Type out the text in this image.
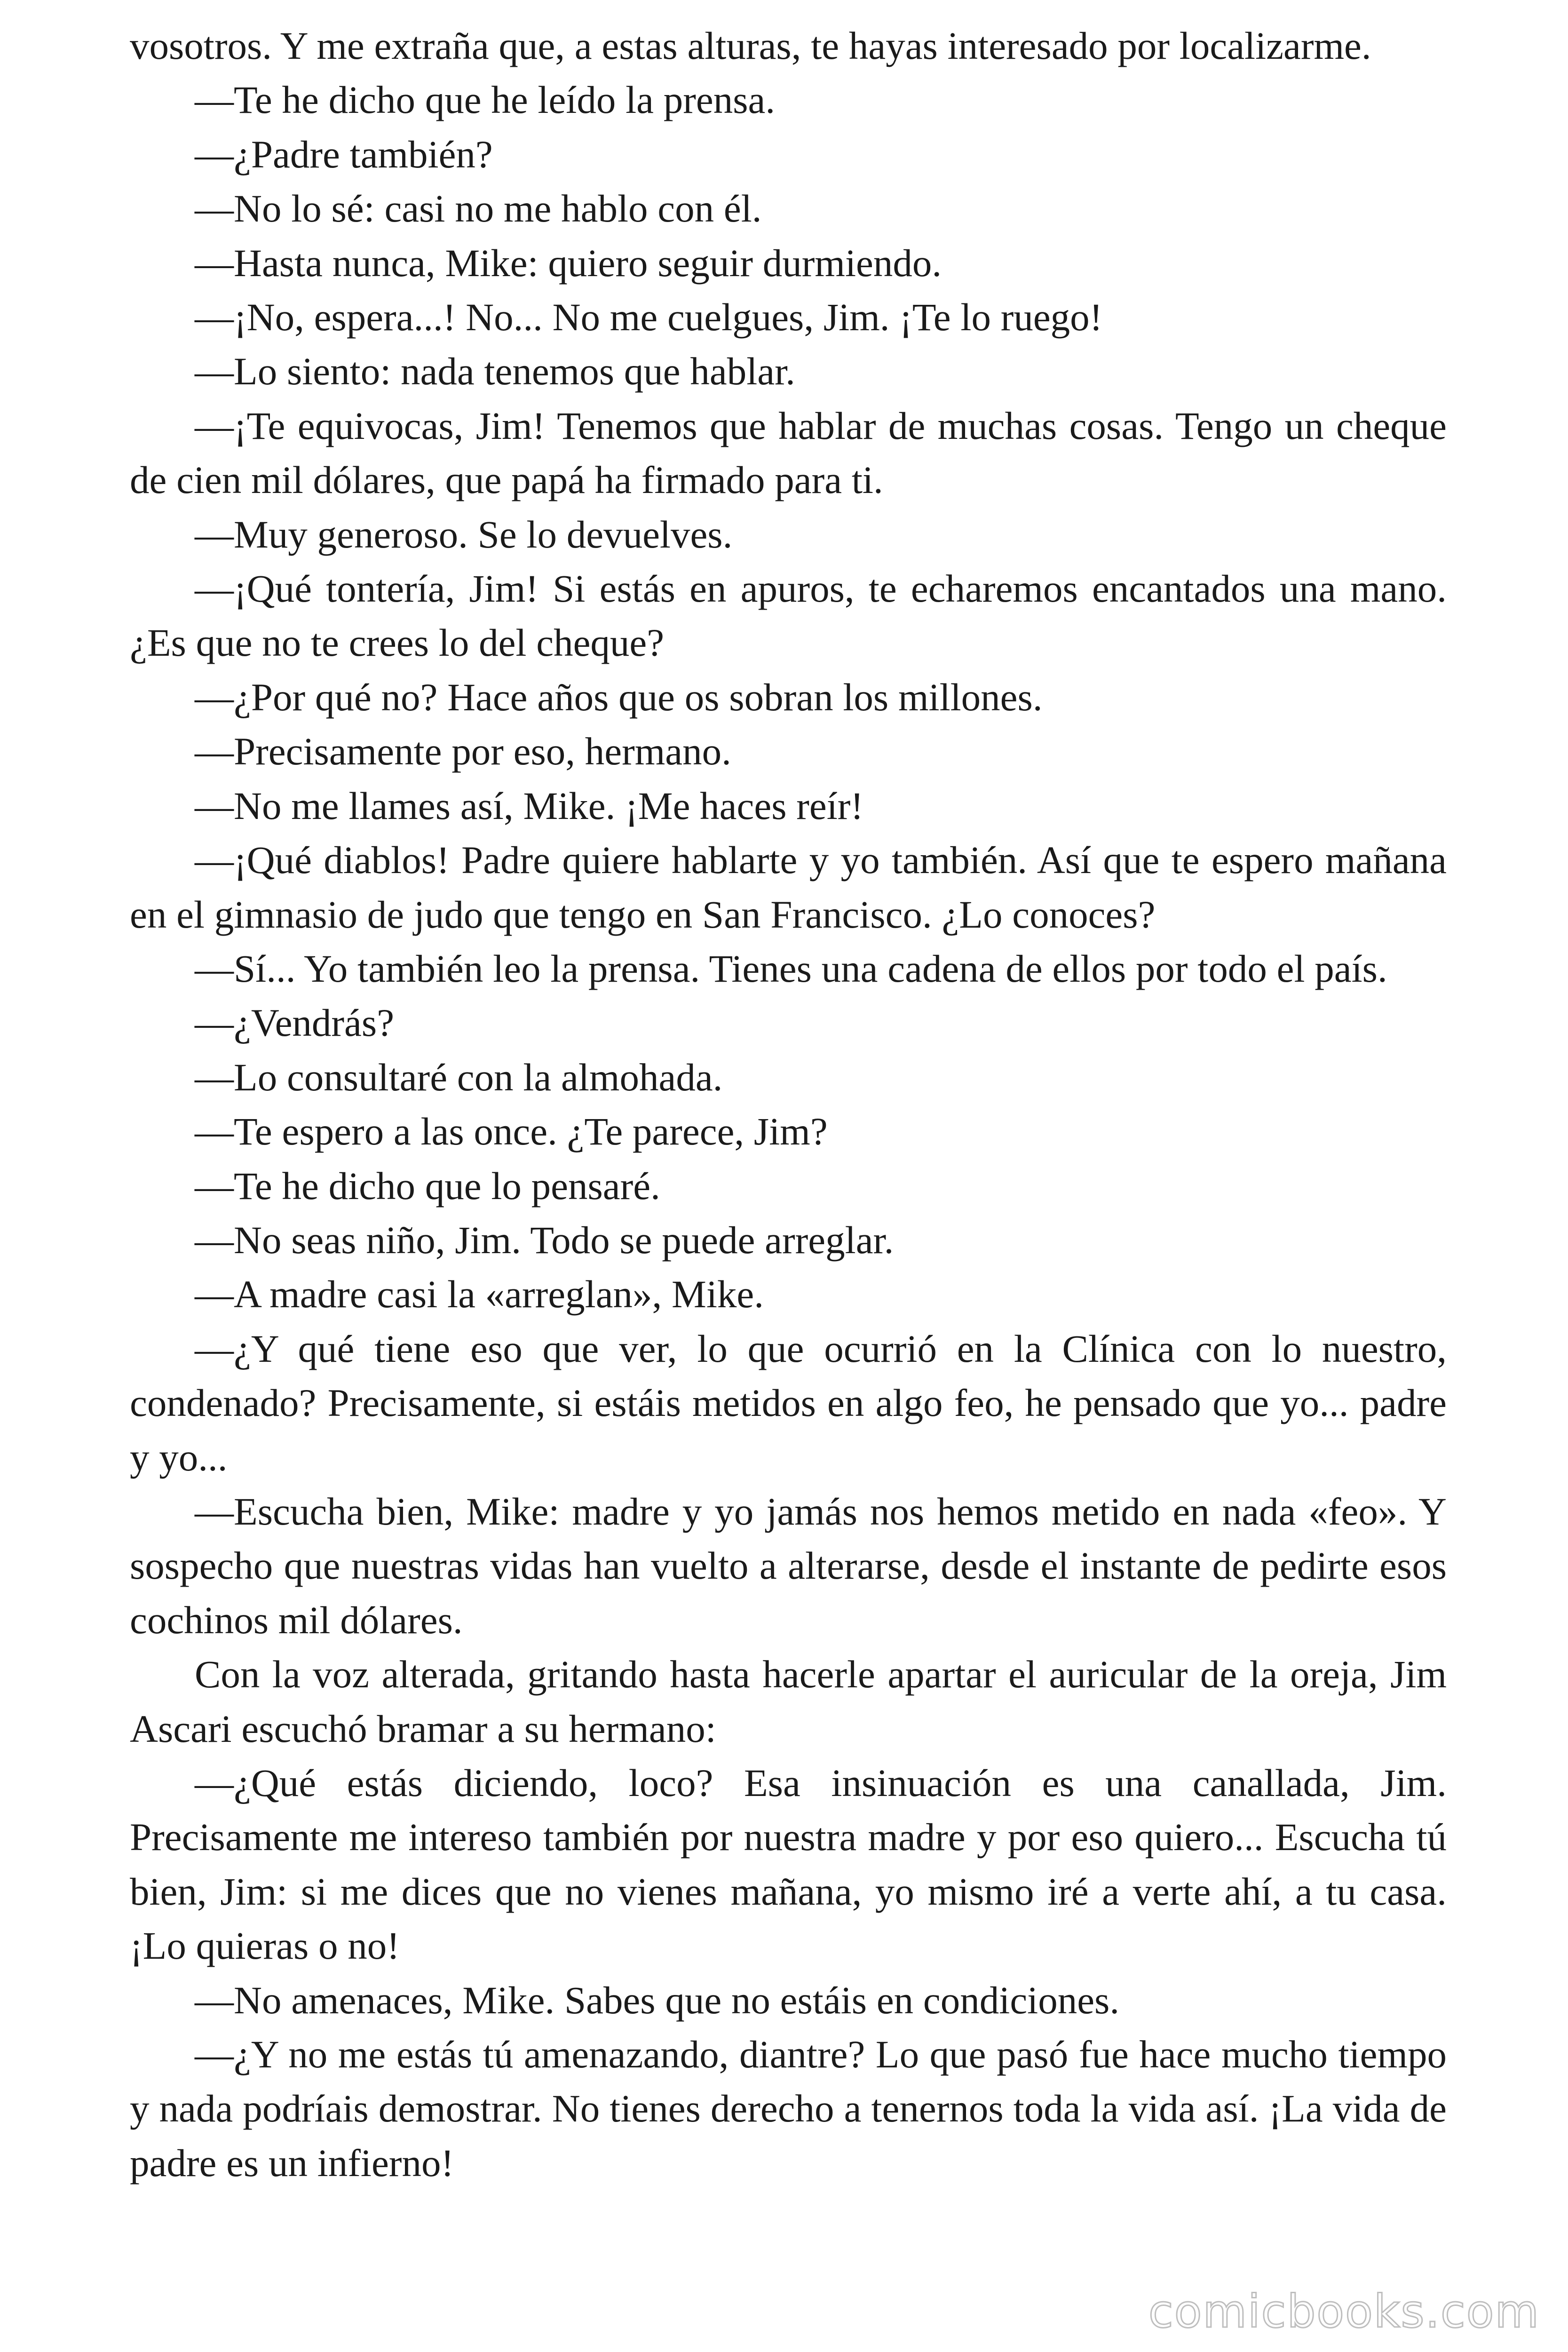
vosotros. Y me extraña que, a estas alturas, te hayas interesado por localizarme.

—Te he dicho que he leído la prensa.

—¿Padre también?

—No lo sé: casi no me hablo con él.

—Hasta nunca, Mike: quiero seguir durmiendo.

—¡No, espera...! No... No me cuelgues, Jim. ¡Te lo ruego!

—Lo siento: nada tenemos que hablar.

—¡Te equivocas, Jim! Tenemos que hablar de muchas cosas. Tengo un cheque de cien mil dólares, que papá ha firmado para ti.

—Muy generoso. Se lo devuelves.

—¡Qué tontería, Jim! Si estás en apuros, te echaremos encantados una mano. ¿Es que no te crees lo del cheque?

—¿Por qué no? Hace años que os sobran los millones.

—Precisamente por eso, hermano.

—No me llames así, Mike. ¡Me haces reír!

—¡Qué diablos! Padre quiere hablarte y yo también. Así que te espero mañana en el gimnasio de judo que tengo en San Francisco. ¿Lo conoces?

—Sí... Yo también leo la prensa. Tienes una cadena de ellos por todo el país.

—¿Vendrás?

—Lo consultaré con la almohada.

—Te espero a las once. ¿Te parece, Jim?

—Te he dicho que lo pensaré.

—No seas niño, Jim. Todo se puede arreglar.

—A madre casi la «arreglan», Mike.

—¿Y qué tiene eso que ver, lo que ocurrió en la Clínica con lo nuestro, condenado? Precisamente, si estáis metidos en algo feo, he pensado que yo... padre y yo...

—Escucha bien, Mike: madre y yo jamás nos hemos metido en nada «feo». Y sospecho que nuestras vidas han vuelto a alterarse, desde el instante de pedirte esos cochinos mil dólares.

Con la voz alterada, gritando hasta hacerle apartar el auricular de la oreja, Jim Ascari escuchó bramar a su hermano:

—¿Qué estás diciendo, loco? Esa insinuación es una canallada, Jim. Precisamente me intereso también por nuestra madre y por eso quiero... Escucha tú bien, Jim: si me dices que no vienes mañana, yo mismo iré a verte ahí, a tu casa. ¡Lo quieras o no!

—No amenaces, Mike. Sabes que no estáis en condiciones.

—¿Y no me estás tú amenazando, diantre? Lo que pasó fue hace mucho tiempo y nada podríais demostrar. No tienes derecho a tenernos toda la vida así. ¡La vida de padre es un infierno!

comicbooks.com
